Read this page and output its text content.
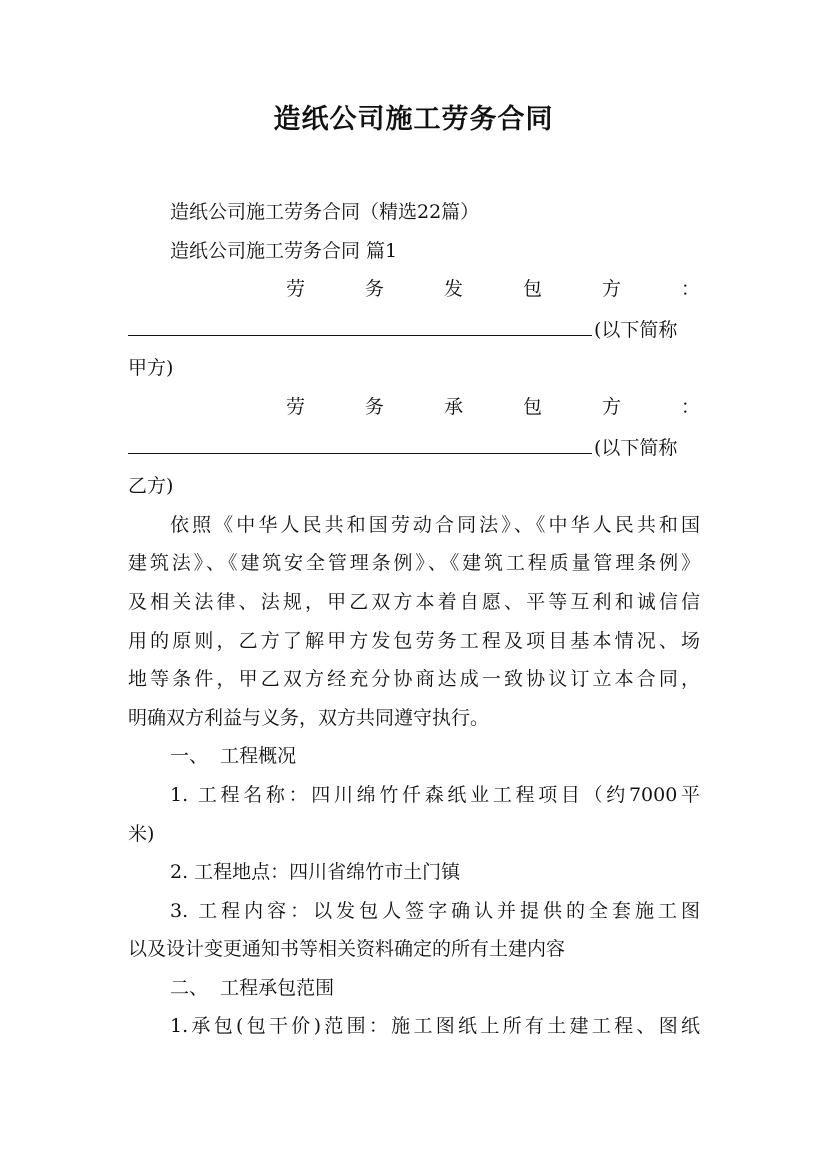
造纸公司施工劳务合同

造纸公司施工劳务合同（精选22篇）

造纸公司施工劳务合同 篇1

劳	务	发	包	方	：

(以下简称

甲方)

劳	务	承	包	方	：

(以下简称

乙方)

依照《中华人民共和国劳动合同法》、《中华人民共和国

建筑法》、《建筑安全管理条例》、《建筑工程质量管理条例》

及相关法律、法规，甲乙双方本着自愿、平等互利和诚信信

用的原则，乙方了解甲方发包劳务工程及项目基本情况、场

地等条件，甲乙双方经充分协商达成一致协议订立本合同，

明确双方利益与义务，双方共同遵守执行。

一、  工程概况

1. 工程名称：四川绵竹仟森纸业工程项目（约7000平

米)

2. 工程地点：四川省绵竹市土门镇

3. 工程内容：以发包人签字确认并提供的全套施工图

以及设计变更通知书等相关资料确定的所有土建内容

二、  工程承包范围

1.承包(包干价)范围：施工图纸上所有土建工程、图纸
